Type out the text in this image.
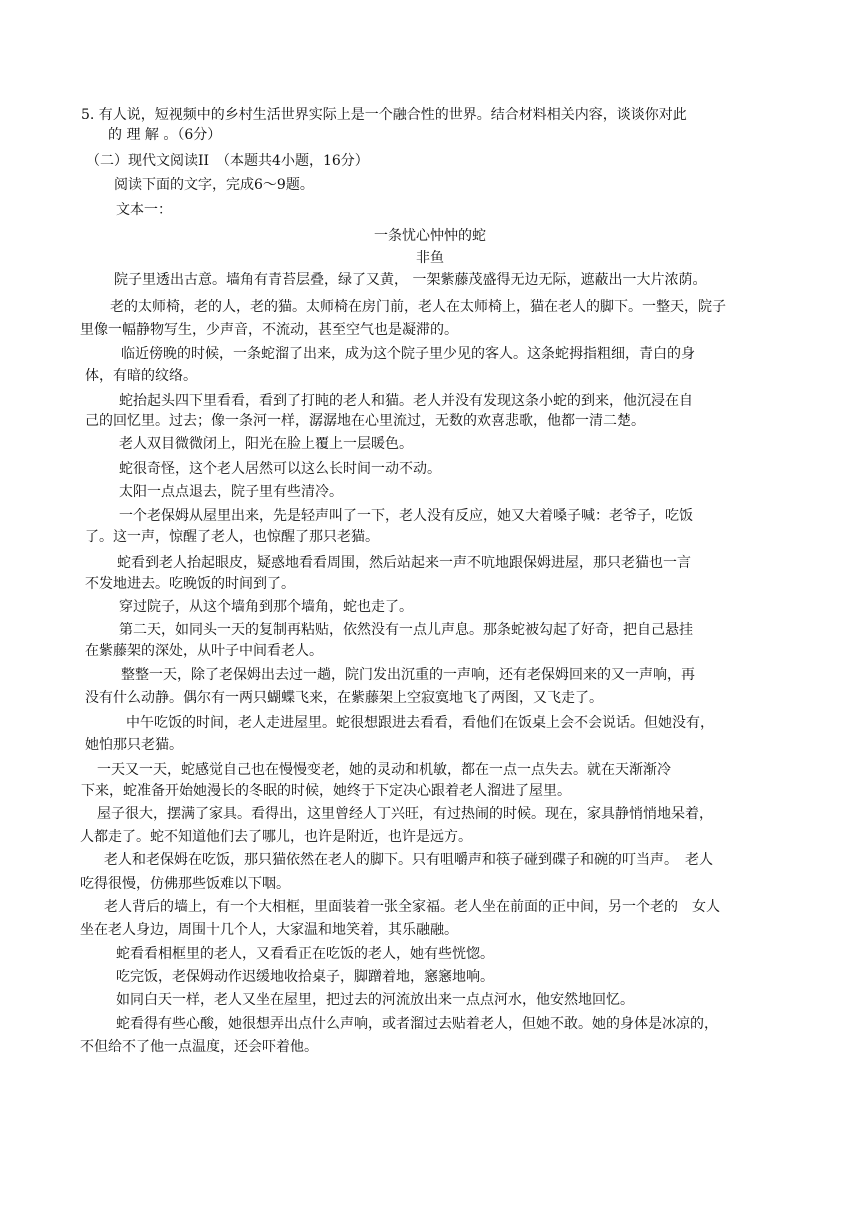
5. 有人说，短视频中的乡村生活世界实际上是一个融合性的世界。结合材料相关内容，谈谈你对此
的 理 解 。（6分）
（二）现代文阅读II　（本题共4小题，16分）
阅读下面的文字，完成6～9题。
文本一：
一条忧心忡忡的蛇
非鱼
院子里透出古意。墙角有青苔层叠，绿了又黄， 一架紫藤茂盛得无边无际，遮蔽出一大片浓荫。
老的太师椅，老的人，老的猫。太师椅在房门前，老人在太师椅上，猫在老人的脚下。一整天，院子
里像一幅静物写生，少声音，不流动，甚至空气也是凝滞的。
临近傍晚的时候，一条蛇溜了出来，成为这个院子里少见的客人。这条蛇拇指粗细，青白的身
体，有暗的纹络。
蛇抬起头四下里看看，看到了打盹的老人和猫。老人并没有发现这条小蛇的到来，他沉浸在自
己的回忆里。过去；像一条河一样，潺潺地在心里流过，无数的欢喜悲歌，他都一清二楚。
老人双目微微闭上，阳光在脸上覆上一层暖色。
蛇很奇怪，这个老人居然可以这么长时间一动不动。
太阳一点点退去，院子里有些清冷。
一个老保姆从屋里出来，先是轻声叫了一下，老人没有反应，她又大着嗓子喊：老爷子，吃饭
了。这一声，惊醒了老人，也惊醒了那只老猫。
蛇看到老人抬起眼皮，疑惑地看看周围，然后站起来一声不吭地跟保姆进屋，那只老猫也一言
不发地进去。吃晚饭的时间到了。
穿过院子，从这个墙角到那个墙角，蛇也走了。
第二天，如同头一天的复制再粘贴，依然没有一点儿声息。那条蛇被勾起了好奇，把自己悬挂
在紫藤架的深处，从叶子中间看老人。
整整一天，除了老保姆出去过一趟，院门发出沉重的一声响，还有老保姆回来的又一声响，再
没有什么动静。偶尔有一两只蝴蝶飞来，在紫藤架上空寂寞地飞了两图，又飞走了。
中午吃饭的时间，老人走进屋里。蛇很想跟进去看看，看他们在饭桌上会不会说话。但她没有，
她怕那只老猫。
一天又一天，蛇感觉自己也在慢慢变老，她的灵动和机敏，都在一点一点失去。就在天渐渐冷
下来，蛇准备开始她漫长的冬眠的时候，她终于下定决心跟着老人溜进了屋里。
屋子很大，摆满了家具。看得出，这里曾经人丁兴旺，有过热闹的时候。现在，家具静悄悄地呆着，
人都走了。蛇不知道他们去了哪儿，也许是附近，也许是远方。
老人和老保姆在吃饭，那只猫依然在老人的脚下。只有咀嚼声和筷子碰到碟子和碗的叮当声。　老人
吃得很慢，仿佛那些饭难以下咽。
老人背后的墙上，有一个大相框，里面装着一张全家福。老人坐在前面的正中间，另一个老的　女人
坐在老人身边，周围十几个人，大家温和地笑着，其乐融融。
蛇看看相框里的老人，又看看正在吃饭的老人，她有些恍惚。
吃完饭，老保姆动作迟缓地收拾桌子，脚蹭着地，窸窸地响。
如同白天一样，老人又坐在屋里，把过去的河流放出来一点点河水，他安然地回忆。
蛇看得有些心酸，她很想弄出点什么声响，或者溜过去贴着老人，但她不敢。她的身体是冰凉的，
不但给不了他一点温度，还会吓着他。
